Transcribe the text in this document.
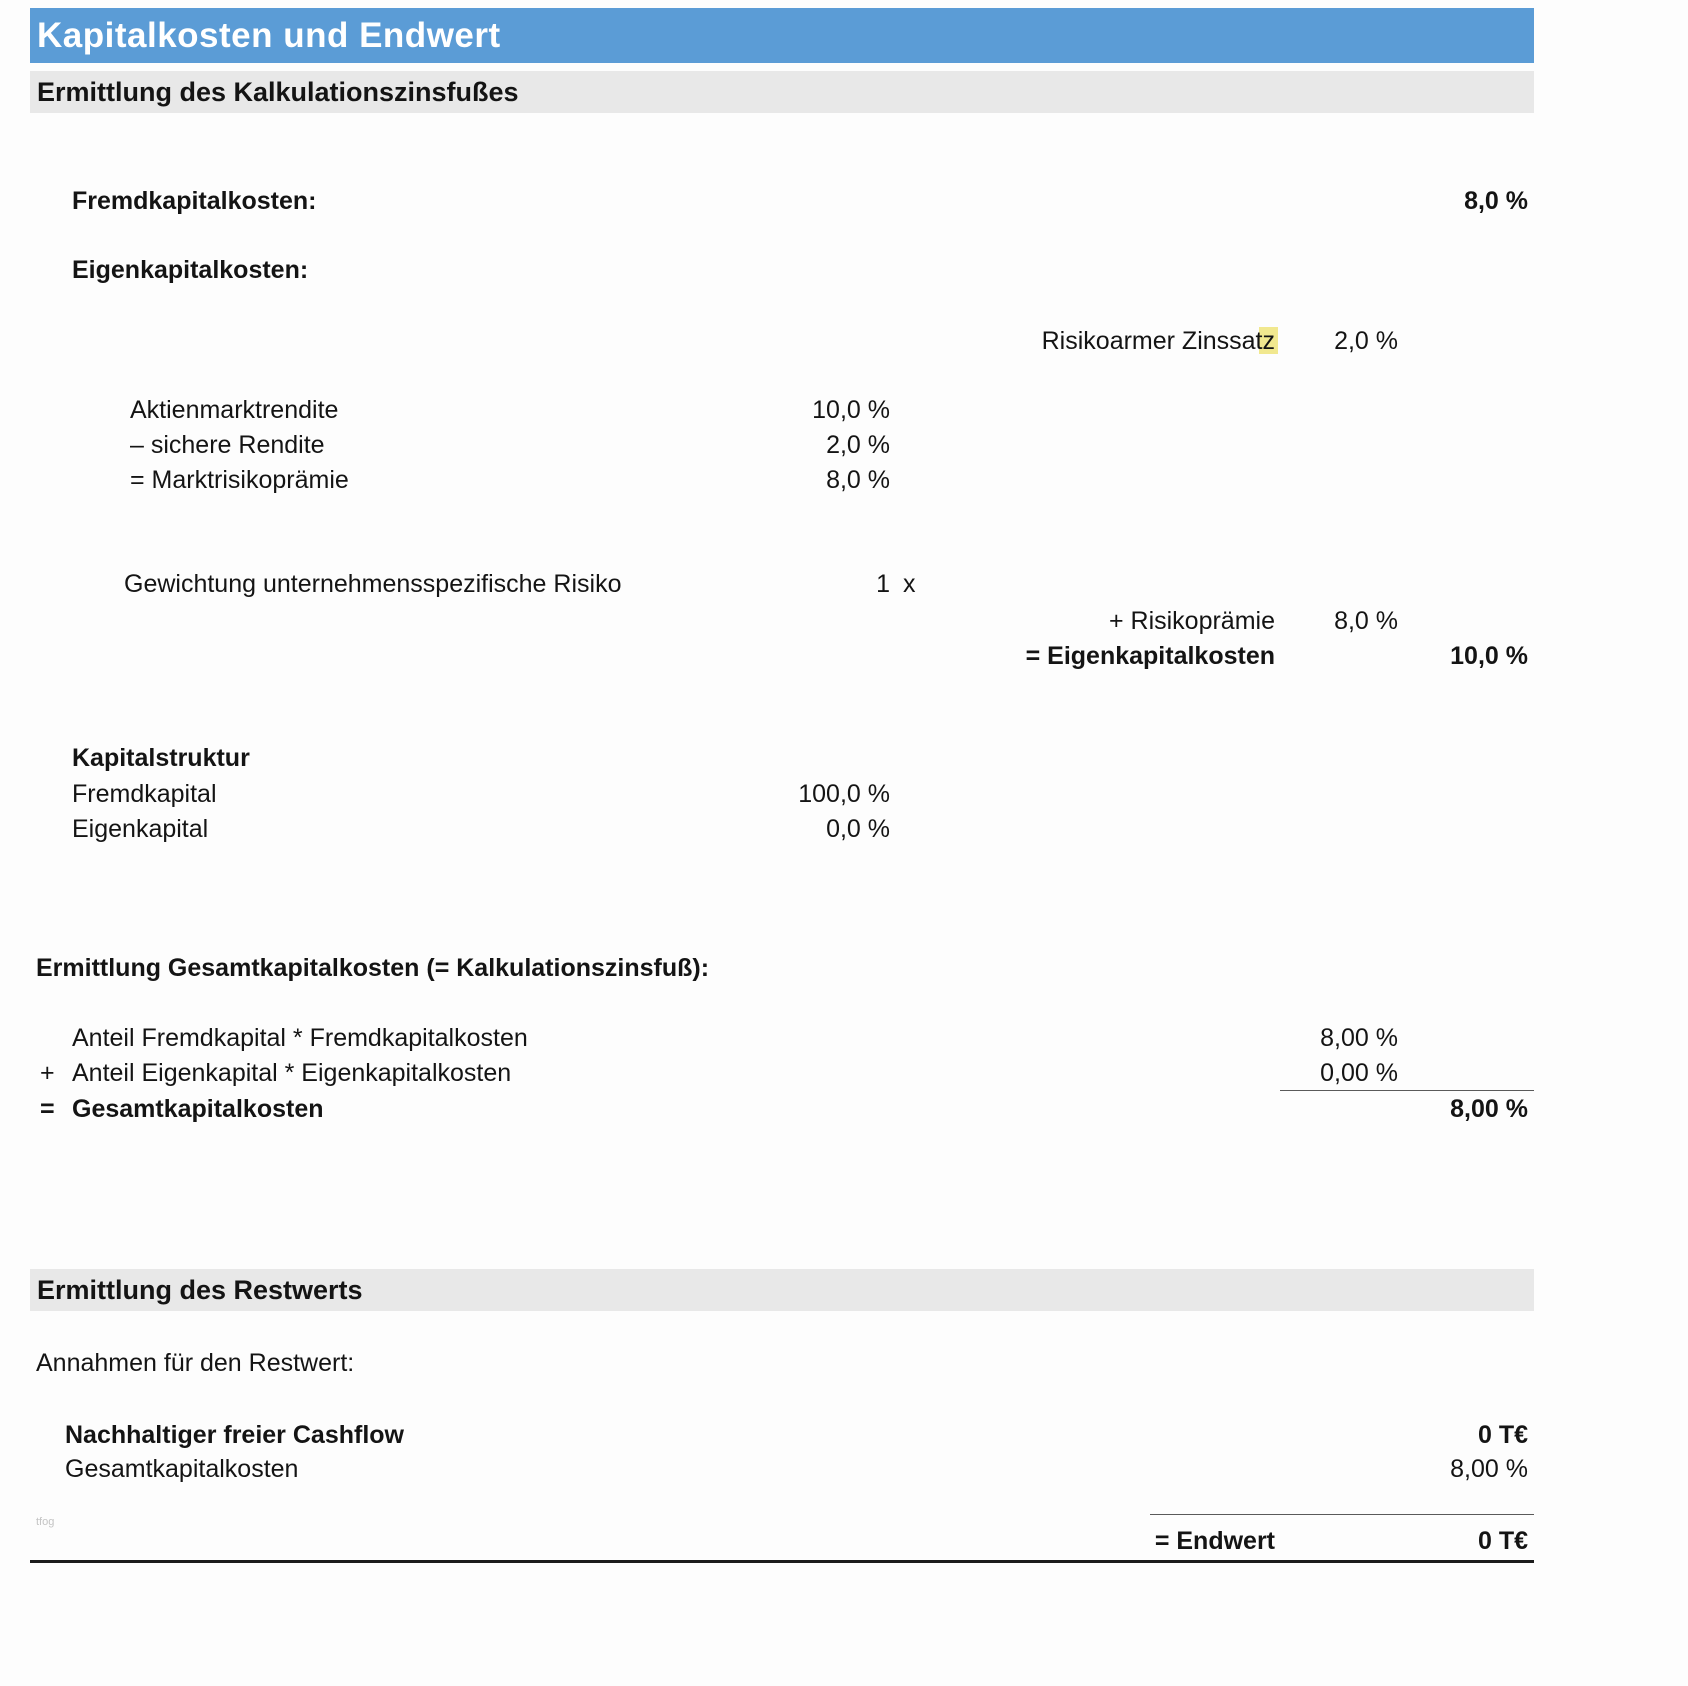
Kapitalkosten und Endwert
Ermittlung des Kalkulationszinsfußes
Fremdkapitalkosten:	8,0 %
Eigenkapitalkosten:
Risikoarmer Zinssatz	2,0 %
Aktienmarktrendite	10,0 %
– sichere Rendite	2,0 %
= Marktrisikoprämie	8,0 %
Gewichtung unternehmensspezifische Risiko	1 x
+ Risikoprämie	8,0 %
= Eigenkapitalkosten	10,0 %
Kapitalstruktur
Fremdkapital	100,0 %
Eigenkapital	0,0 %
Ermittlung Gesamtkapitalkosten (= Kalkulationszinsfuß):
Anteil Fremdkapital * Fremdkapitalkosten	8,00 %
+ Anteil Eigenkapital * Eigenkapitalkosten	0,00 %
= Gesamtkapitalkosten	8,00 %
Ermittlung des Restwerts
Annahmen für den Restwert:
Nachhaltiger freier Cashflow	0 T€
Gesamtkapitalkosten	8,00 %
tfog
= Endwert	0 T€
